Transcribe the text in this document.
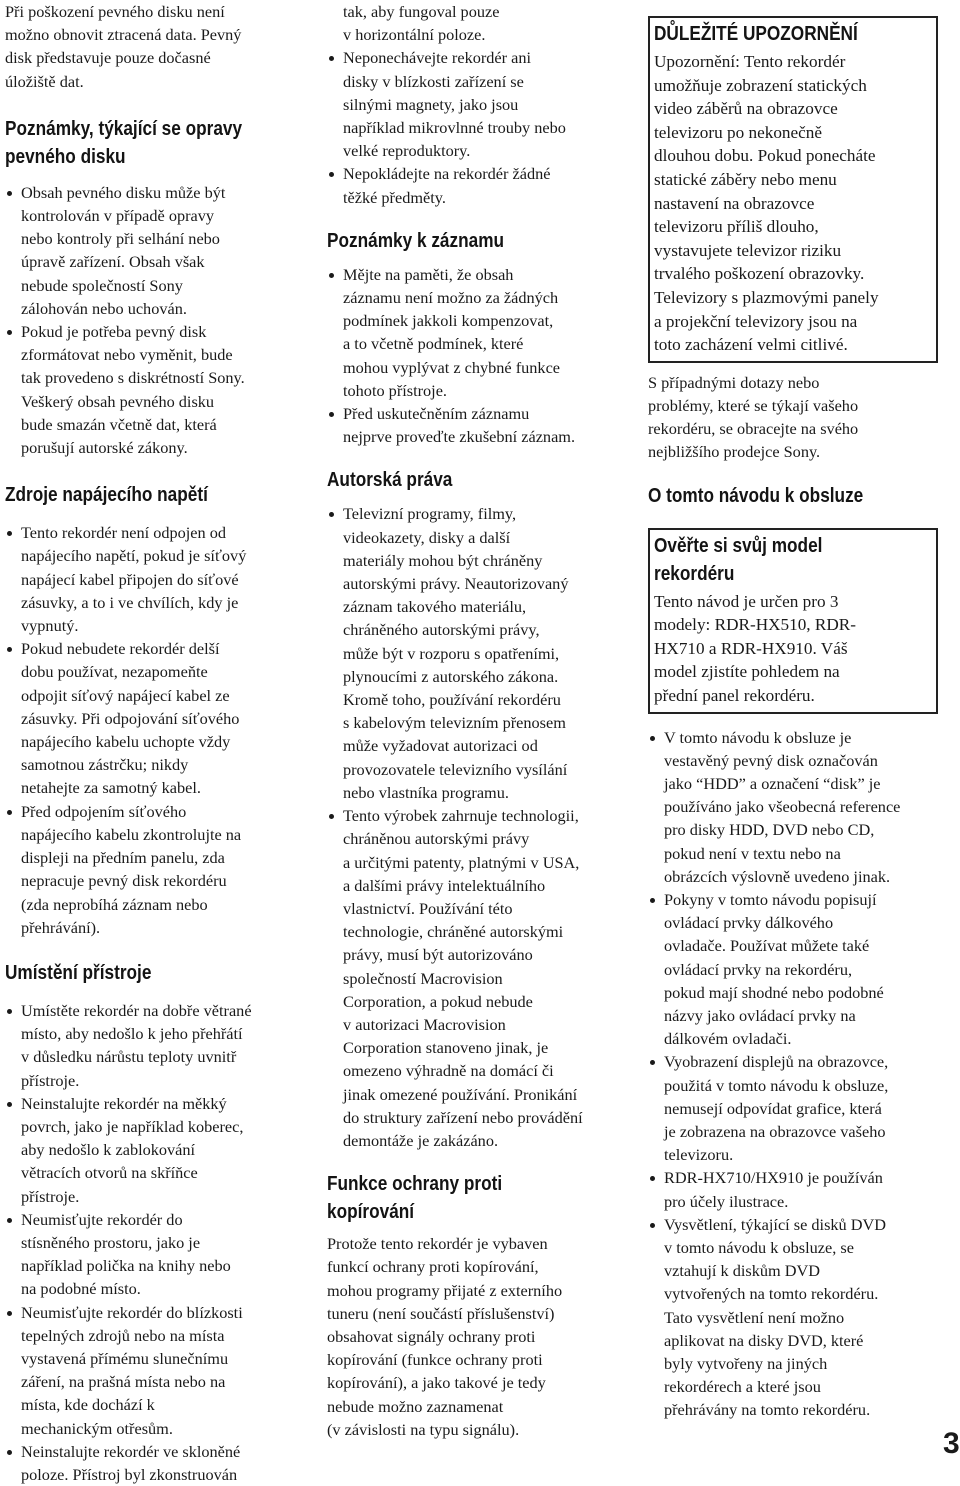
Při poškození pevného disku není
možno obnovit ztracená data. Pevný
disk představuje pouze dočasné
úložiště dat.
Poznámky, týkající se opravy
pevného disku
Obsah pevného disku může být
kontrolován v případě opravy
nebo kontroly při selhání nebo
úpravě zařízení. Obsah však
nebude společností Sony
zálohován nebo uchován.
Pokud je potřeba pevný disk
zformátovat nebo vyměnit, bude
tak provedeno s diskrétností Sony.
Veškerý obsah pevného disku
bude smazán včetně dat, která
porušují autorské zákony.
Zdroje napájecího napětí
Tento rekordér není odpojen od
napájecího napětí, pokud je síťový
napájecí kabel připojen do síťové
zásuvky, a to i ve chvílích, kdy je
vypnutý.
Pokud nebudete rekordér delší
dobu používat, nezapomeňte
odpojit síťový napájecí kabel ze
zásuvky. Při odpojování síťového
napájecího kabelu uchopte vždy
samotnou zástrčku; nikdy
netahejte za samotný kabel.
Před odpojením síťového
napájecího kabelu zkontrolujte na
displeji na předním panelu, zda
nepracuje pevný disk rekordéru
(zda neprobíhá záznam nebo
přehrávání).
Umístění přístroje
Umístěte rekordér na dobře větrané
místo, aby nedošlo k jeho přehřátí
v důsledku nárůstu teploty uvnitř
přístroje.
Neinstalujte rekordér na měkký
povrch, jako je například koberec,
aby nedošlo k zablokování
větracích otvorů na skříňce
přístroje.
Neumisťujte rekordér do
stísněného prostoru, jako je
například polička na knihy nebo
na podobné místo.
Neumisťujte rekordér do blízkosti
tepelných zdrojů nebo na místa
vystavená přímému slunečnímu
záření, na prašná místa nebo na
místa, kde dochází k
mechanickým otřesům.
Neinstalujte rekordér ve skloněné
poloze. Přístroj byl zkonstruován
tak, aby fungoval pouze
v horizontální poloze.
Neponechávejte rekordér ani
disky v blízkosti zařízení se
silnými magnety, jako jsou
například mikrovlnné trouby nebo
velké reproduktory.
Nepokládejte na rekordér žádné
těžké předměty.
Poznámky k záznamu
Mějte na paměti, že obsah
záznamu není možno za žádných
podmínek jakkoli kompenzovat,
a to včetně podmínek, které
mohou vyplývat z chybné funkce
tohoto přístroje.
Před uskutečněním záznamu
nejprve proveďte zkušební záznam.
Autorská práva
Televizní programy, filmy,
videokazety, disky a další
materiály mohou být chráněny
autorskými právy. Neautorizovaný
záznam takového materiálu,
chráněného autorskými právy,
může být v rozporu s opatřeními,
plynoucími z autorského zákona.
Kromě toho, používání rekordéru
s kabelovým televizním přenosem
může vyžadovat autorizaci od
provozovatele televizního vysílání
nebo vlastníka programu.
Tento výrobek zahrnuje technologii,
chráněnou autorskými právy
a určitými patenty, platnými v USA,
a dalšími právy intelektuálního
vlastnictví. Používání této
technologie, chráněné autorskými
právy, musí být autorizováno
společností Macrovision
Corporation, a pokud nebude
v autorizaci Macrovision
Corporation stanoveno jinak, je
omezeno výhradně na domácí či
jinak omezené používání. Pronikání
do struktury zařízení nebo provádění
demontáže je zakázáno.
Funkce ochrany proti
kopírování
Protože tento rekordér je vybaven
funkcí ochrany proti kopírování,
mohou programy přijaté z externího
tuneru (není součástí příslušenství)
obsahovat signály ochrany proti
kopírování (funkce ochrany proti
kopírování), a jako takové je tedy
nebude možno zaznamenat
(v závislosti na typu signálu).
DŮLEŽITÉ UPOZORNĚNÍ
Upozornění: Tento rekordér
umožňuje zobrazení statických
video záběrů na obrazovce
televizoru po nekonečně
dlouhou dobu. Pokud ponecháte
statické záběry nebo menu
nastavení na obrazovce
televizoru příliš dlouho,
vystavujete televizor riziku
trvalého poškození obrazovky.
Televizory s plazmovými panely
a projekční televizory jsou na
toto zacházení velmi citlivé.
S případnými dotazy nebo
problémy, které se týkají vašeho
rekordéru, se obracejte na svého
nejbližšího prodejce Sony.
O tomto návodu k obsluze
Ověřte si svůj model
rekordéru
Tento návod je určen pro 3
modely: RDR-HX510, RDR-
HX710 a RDR-HX910. Váš
model zjistíte pohledem na
přední panel rekordéru.
V tomto návodu k obsluze je
vestavěný pevný disk označován
jako “HDD” a označení “disk” je
používáno jako všeobecná reference
pro disky HDD, DVD nebo CD,
pokud není v textu nebo na
obrázcích výslovně uvedeno jinak.
Pokyny v tomto návodu popisují
ovládací prvky dálkového
ovladače. Používat můžete také
ovládací prvky na rekordéru,
pokud mají shodné nebo podobné
názvy jako ovládací prvky na
dálkovém ovladači.
Vyobrazení displejů na obrazovce,
použitá v tomto návodu k obsluze,
nemusejí odpovídat grafice, která
je zobrazena na obrazovce vašeho
televizoru.
RDR-HX710/HX910 je používán
pro účely ilustrace.
Vysvětlení, týkající se disků DVD
v tomto návodu k obsluze, se
vztahují k diskům DVD
vytvořených na tomto rekordéru.
Tato vysvětlení není možno
aplikovat na disky DVD, které
byly vytvořeny na jiných
rekordérech a které jsou
přehrávány na tomto rekordéru.
3
